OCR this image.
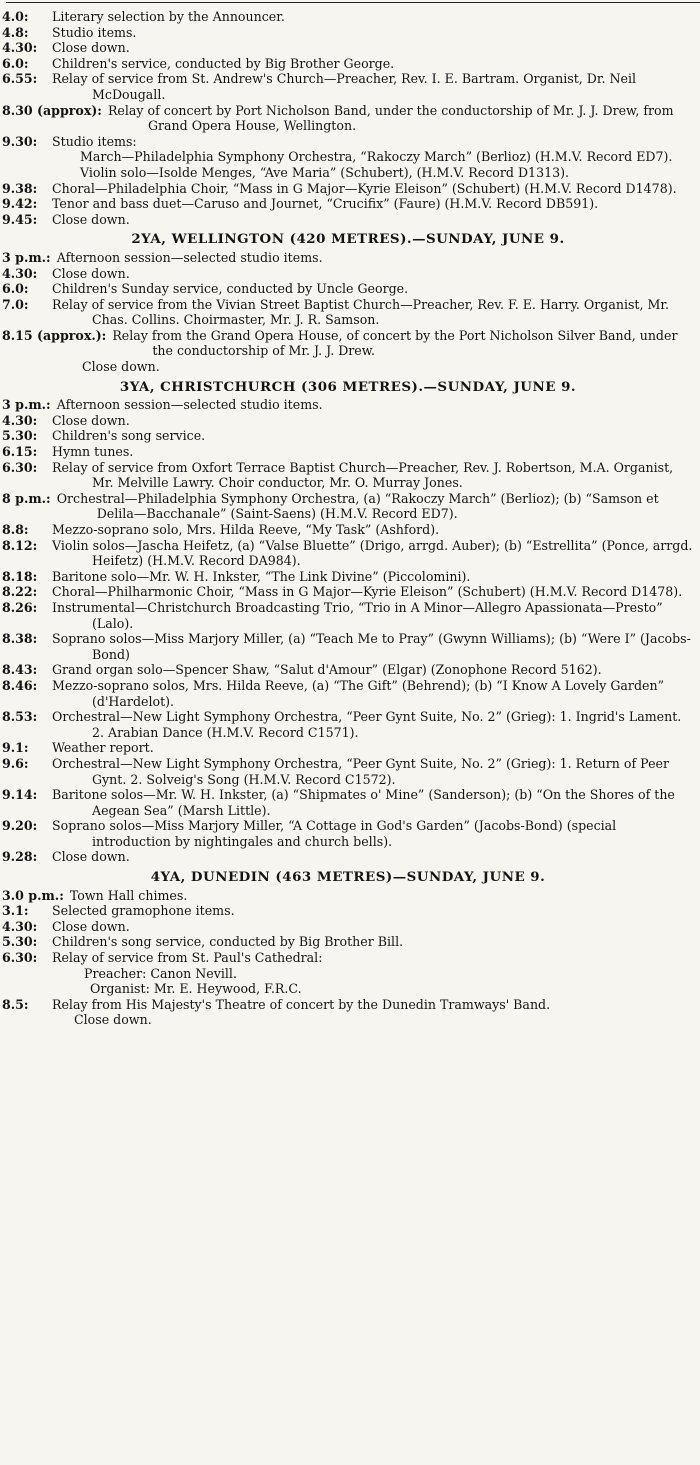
4.0:	Literary selection by the Announcer.
4.8:	Studio items.
4.30:	Close down.
6.0:	Children's service, conducted by Big Brother George.
6.55:	Relay of service from St. Andrew's Church—Preacher, Rev. I. E. Bartram. Organist, Dr. Neil McDougall.
8.30 (approx): Relay of concert by Port Nicholson Band, under the conductorship of Mr. J. J. Drew, from Grand Opera House, Wellington.
9.30:	Studio items:
March—Philadelphia Symphony Orchestra, “Rakoczy March” (Berlioz) (H.M.V. Record ED7).
Violin solo—Isolde Menges, “Ave Maria” (Schubert), (H.M.V. Record D1313).
9.38:	Choral—Philadelphia Choir, “Mass in G Major—Kyrie Eleison” (Schubert) (H.M.V. Record D1478).
9.42:	Tenor and bass duet—Caruso and Journet, “Crucifix” (Faure) (H.M.V. Record DB591).
9.45:	Close down.
2YA, WELLINGTON (420 METRES).—SUNDAY, JUNE 9.
3 p.m.: Afternoon session—selected studio items.
4.30:	Close down.
6.0:	Children's Sunday service, conducted by Uncle George.
7.0:	Relay of service from the Vivian Street Baptist Church—Preacher, Rev. F. E. Harry. Organist, Mr. Chas. Collins. Choirmaster, Mr. J. R. Samson.
8.15 (approx.): Relay from the Grand Opera House, of concert by the Port Nicholson Silver Band, under the conductorship of Mr. J. J. Drew.
Close down.
3YA, CHRISTCHURCH (306 METRES).—SUNDAY, JUNE 9.
3 p.m.: Afternoon session—selected studio items.
4.30:	Close down.
5.30:	Children's song service.
6.15:	Hymn tunes.
6.30:	Relay of service from Oxfort Terrace Baptist Church—Preacher, Rev. J. Robertson, M.A. Organist, Mr. Melville Lawry. Choir conductor, Mr. O. Murray Jones.
8 p.m.: Orchestral—Philadelphia Symphony Orchestra, (a) “Rakoczy March” (Berlioz); (b) “Samson et Delila—Bacchanale” (Saint-Saens) (H.M.V. Record ED7).
8.8:	Mezzo-soprano solo, Mrs. Hilda Reeve, “My Task” (Ashford).
8.12:	Violin solos—Jascha Heifetz, (a) “Valse Bluette” (Drigo, arrgd. Auber); (b) “Estrellita” (Ponce, arrgd. Heifetz) (H.M.V. Record DA984).
8.18:	Baritone solo—Mr. W. H. Inkster, “The Link Divine” (Piccolomini).
8.22:	Choral—Philharmonic Choir, “Mass in G Major—Kyrie Eleison” (Schubert) (H.M.V. Record D1478).
8.26:	Instrumental—Christchurch Broadcasting Trio, “Trio in A Minor—Allegro Apassionata—Presto” (Lalo).
8.38:	Soprano solos—Miss Marjory Miller, (a) “Teach Me to Pray” (Gwynn Williams); (b) “Were I” (Jacobs-Bond)
8.43:	Grand organ solo—Spencer Shaw, “Salut d'Amour” (Elgar) (Zonophone Record 5162).
8.46:	Mezzo-soprano solos, Mrs. Hilda Reeve, (a) “The Gift” (Behrend); (b) “I Know A Lovely Garden” (d'Hardelot).
8.53:	Orchestral—New Light Symphony Orchestra, “Peer Gynt Suite, No. 2” (Grieg): 1. Ingrid's Lament. 2. Arabian Dance (H.M.V. Record C1571).
9.1:	Weather report.
9.6:	Orchestral—New Light Symphony Orchestra, “Peer Gynt Suite, No. 2” (Grieg): 1. Return of Peer Gynt. 2. Solveig's Song (H.M.V. Record C1572).
9.14:	Baritone solos—Mr. W. H. Inkster, (a) “Shipmates o' Mine” (Sanderson); (b) “On the Shores of the Aegean Sea” (Marsh Little).
9.20:	Soprano solos—Miss Marjory Miller, “A Cottage in God's Garden” (Jacobs-Bond) (special introduction by nightingales and church bells).
9.28:	Close down.
4YA, DUNEDIN (463 METRES)—SUNDAY, JUNE 9.
3.0 p.m.: Town Hall chimes.
3.1:	Selected gramophone items.
4.30:	Close down.
5.30:	Children's song service, conducted by Big Brother Bill.
6.30:	Relay of service from St. Paul's Cathedral:
Preacher: Canon Nevill.
Organist: Mr. E. Heywood, F.R.C.
8.5:	Relay from His Majesty's Theatre of concert by the Dunedin Tramways' Band.
Close down.
